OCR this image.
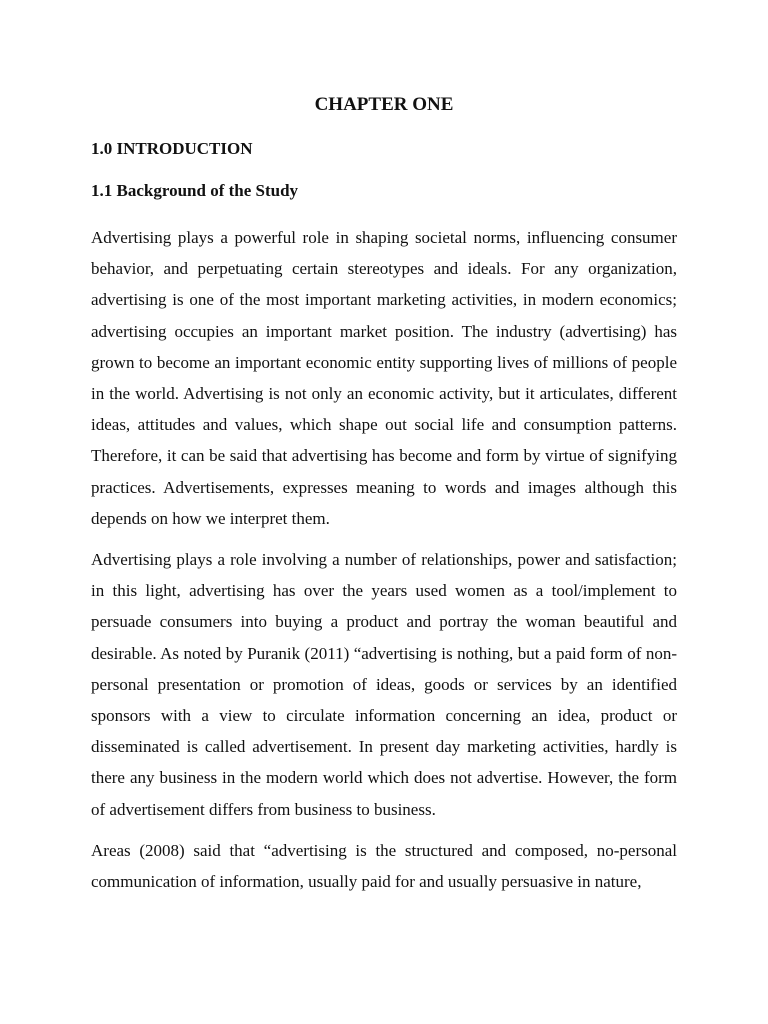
CHAPTER ONE
1.0 INTRODUCTION
1.1 Background of the Study

Advertising plays a powerful role in shaping societal norms, influencing consumer behavior, and perpetuating certain stereotypes and ideals. For any organization, advertising is one of the most important marketing activities, in modern economics; advertising occupies an important market position. The industry (advertising) has grown to become an important economic entity supporting lives of millions of people in the world. Advertising is not only an economic activity, but it articulates, different ideas, attitudes and values, which shape out social life and consumption patterns. Therefore, it can be said that advertising has become and form by virtue of signifying practices. Advertisements, expresses meaning to words and images although this depends on how we interpret them.

Advertising plays a role involving a number of relationships, power and satisfaction; in this light, advertising has over the years used women as a tool/implement to persuade consumers into buying a product and portray the woman beautiful and desirable. As noted by Puranik (2011) “advertising is nothing, but a paid form of non-personal presentation or promotion of ideas, goods or services by an identified sponsors with a view to circulate information concerning an idea, product or disseminated is called advertisement. In present day marketing activities, hardly is there any business in the modern world which does not advertise. However, the form of advertisement differs from business to business.

Areas (2008) said that “advertising is the structured and composed, no-personal communication of information, usually paid for and usually persuasive in nature,
